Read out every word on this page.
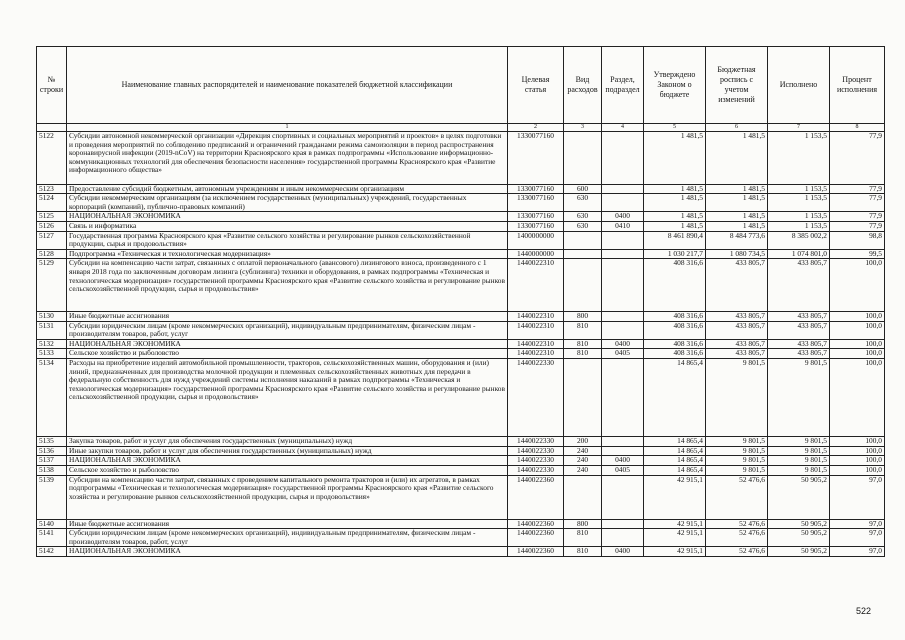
№ строки	Наименование главных распорядителей и наименование показателей бюджетной классификации	Целевая статья	Вид расходов	Раздел, подраздел	Утверждено Законом о бюджете	Бюджетная роспись с учетом изменений	Исполнено	Процент исполнения
	1	2	3	4	5	6	7	8
5122	Субсидии автономной некоммерческой организации «Дирекция спортивных и социальных мероприятий и проектов» в целях подготовки и проведения мероприятий по соблюдению предписаний и ограничений гражданами режима самоизоляции в период распространения коронавирусной инфекции (2019-nCoV) на территории Красноярского края в рамках подпрограммы «Использование информационно-коммуникационных технологий для обеспечения безопасности населения» государственной программы Красноярского края «Развитие информационного общества»	1330077160			1 481,5	1 481,5	1 153,5	77,9
5123	Предоставление субсидий бюджетным, автономным учреждениям и иным некоммерческим организациям	1330077160	600		1 481,5	1 481,5	1 153,5	77,9
5124	Субсидии некоммерческим организациям (за исключением государственных (муниципальных) учреждений, государственных корпораций (компаний), публично-правовых компаний)	1330077160	630		1 481,5	1 481,5	1 153,5	77,9
5125	НАЦИОНАЛЬНАЯ ЭКОНОМИКА	1330077160	630	0400	1 481,5	1 481,5	1 153,5	77,9
5126	Связь и информатика	1330077160	630	0410	1 481,5	1 481,5	1 153,5	77,9
5127	Государственная программа Красноярского края «Развитие сельского хозяйства и регулирование рынков сельскохозяйственной продукции, сырья и продовольствия»	1400000000			8 461 890,4	8 484 773,6	8 385 002,2	98,8
5128	Подпрограмма «Техническая и технологическая модернизация»	1440000000			1 030 217,7	1 080 734,5	1 074 801,0	99,5
5129	Субсидии на компенсацию части затрат, связанных с оплатой первоначального (авансового) лизингового взноса, произведенного с 1 января 2018 года по заключенным договорам лизинга (сублизинга) техники и оборудования, в рамках подпрограммы «Техническая и технологическая модернизация» государственной программы Красноярского края «Развитие сельского хозяйства и регулирование рынков сельскохозяйственной продукции, сырья и продовольствия»	1440022310			408 316,6	433 805,7	433 805,7	100,0
5130	Иные бюджетные ассигнования	1440022310	800		408 316,6	433 805,7	433 805,7	100,0
5131	Субсидии юридическим лицам (кроме некоммерческих организаций), индивидуальным предпринимателям, физическим лицам - производителям товаров, работ, услуг	1440022310	810		408 316,6	433 805,7	433 805,7	100,0
5132	НАЦИОНАЛЬНАЯ ЭКОНОМИКА	1440022310	810	0400	408 316,6	433 805,7	433 805,7	100,0
5133	Сельское хозяйство и рыболовство	1440022310	810	0405	408 316,6	433 805,7	433 805,7	100,0
5134	Расходы на приобретение изделий автомобильной промышленности, тракторов, сельскохозяйственных машин, оборудования и (или) линий, предназначенных для производства молочной продукции и племенных сельскохозяйственных животных для передачи в федеральную собственность для нужд учреждений системы исполнения наказаний в рамках подпрограммы «Техническая и технологическая модернизация» государственной программы Красноярского края «Развитие сельского хозяйства и регулирование рынков сельскохозяйственной продукции, сырья и продовольствия»	1440022330			14 865,4	9 801,5	9 801,5	100,0
5135	Закупка товаров, работ и услуг для обеспечения государственных (муниципальных) нужд	1440022330	200		14 865,4	9 801,5	9 801,5	100,0
5136	Иные закупки товаров, работ и услуг для обеспечения государственных (муниципальных) нужд	1440022330	240		14 865,4	9 801,5	9 801,5	100,0
5137	НАЦИОНАЛЬНАЯ ЭКОНОМИКА	1440022330	240	0400	14 865,4	9 801,5	9 801,5	100,0
5138	Сельское хозяйство и рыболовство	1440022330	240	0405	14 865,4	9 801,5	9 801,5	100,0
5139	Субсидии на компенсацию части затрат, связанных с проведением капитального ремонта тракторов и (или) их агрегатов, в рамках подпрограммы «Техническая и технологическая модернизация» государственной программы Красноярского края «Развитие сельского хозяйства и регулирование рынков сельскохозяйственной продукции, сырья и продовольствия»	1440022360			42 915,1	52 476,6	50 905,2	97,0
5140	Иные бюджетные ассигнования	1440022360	800		42 915,1	52 476,6	50 905,2	97,0
5141	Субсидии юридическим лицам (кроме некоммерческих организаций), индивидуальным предпринимателям, физическим лицам - производителям товаров, работ, услуг	1440022360	810		42 915,1	52 476,6	50 905,2	97,0
5142	НАЦИОНАЛЬНАЯ ЭКОНОМИКА	1440022360	810	0400	42 915,1	52 476,6	50 905,2	97,0
522
